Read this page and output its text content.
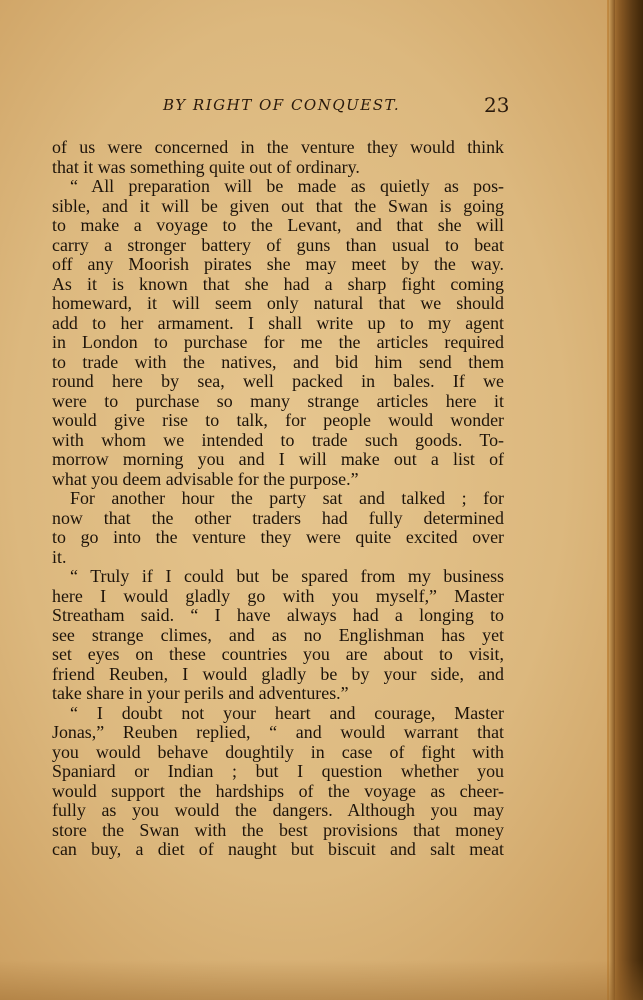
BY RIGHT OF CONQUEST.	23
of us were concerned in the venture they would think
that it was something quite out of ordinary.
“ All preparation will be made as quietly as pos-
sible, and it will be given out that the Swan is going
to make a voyage to the Levant, and that she will
carry a stronger battery of guns than usual to beat
off any Moorish pirates she may meet by the way.
As it is known that she had a sharp fight coming
homeward, it will seem only natural that we should
add to her armament. I shall write up to my agent
in London to purchase for me the articles required
to trade with the natives, and bid him send them
round here by sea, well packed in bales. If we
were to purchase so many strange articles here it
would give rise to talk, for people would wonder
with whom we intended to trade such goods. To-
morrow morning you and I will make out a list of
what you deem advisable for the purpose.”
For another hour the party sat and talked ; for
now that the other traders had fully determined
to go into the venture they were quite excited over
it.
“ Truly if I could but be spared from my business
here I would gladly go with you myself,” Master
Streatham said. “ I have always had a longing to
see strange climes, and as no Englishman has yet
set eyes on these countries you are about to visit,
friend Reuben, I would gladly be by your side, and
take share in your perils and adventures.”
“ I doubt not your heart and courage, Master
Jonas,” Reuben replied, “ and would warrant that
you would behave doughtily in case of fight with
Spaniard or Indian ; but I question whether you
would support the hardships of the voyage as cheer-
fully as you would the dangers. Although you may
store the Swan with the best provisions that money
can buy, a diet of naught but biscuit and salt meat
